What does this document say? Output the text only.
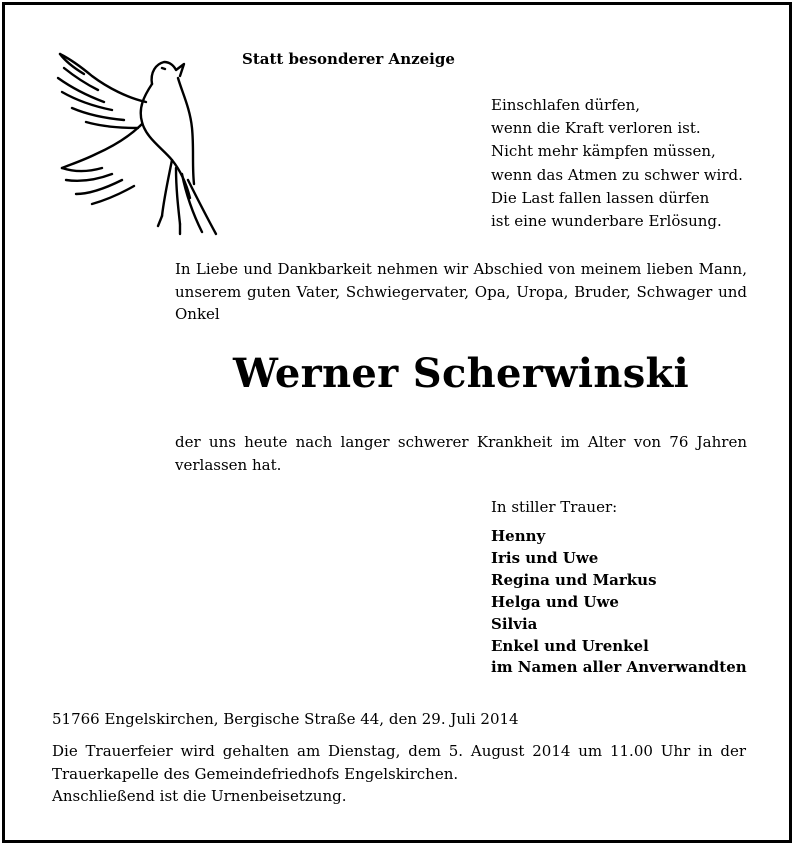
Statt besonderer Anzeige
Einschlafen dürfen,
wenn die Kraft verloren ist.
Nicht mehr kämpfen müssen,
wenn das Atmen zu schwer wird.
Die Last fallen lassen dürfen
ist eine wunderbare Erlösung.
In Liebe und Dankbarkeit nehmen wir Abschied von meinem lieben Mann, unserem guten Vater, Schwiegervater, Opa, Uropa, Bruder, Schwager und Onkel
Werner Scherwinski
der uns heute nach langer schwerer Krankheit im Alter von 76 Jahren verlassen hat.
In stiller Trauer:
Henny
Iris und Uwe
Regina und Markus
Helga und Uwe
Silvia
Enkel und Urenkel
im Namen aller Anverwandten
51766 Engelskirchen, Bergische Straße 44, den 29. Juli 2014
Die Trauerfeier wird gehalten am Dienstag, dem 5. August 2014 um 11.00 Uhr in der Trauerkapelle des Gemeindefriedhofs Engelskirchen.
Anschließend ist die Urnenbeisetzung.
